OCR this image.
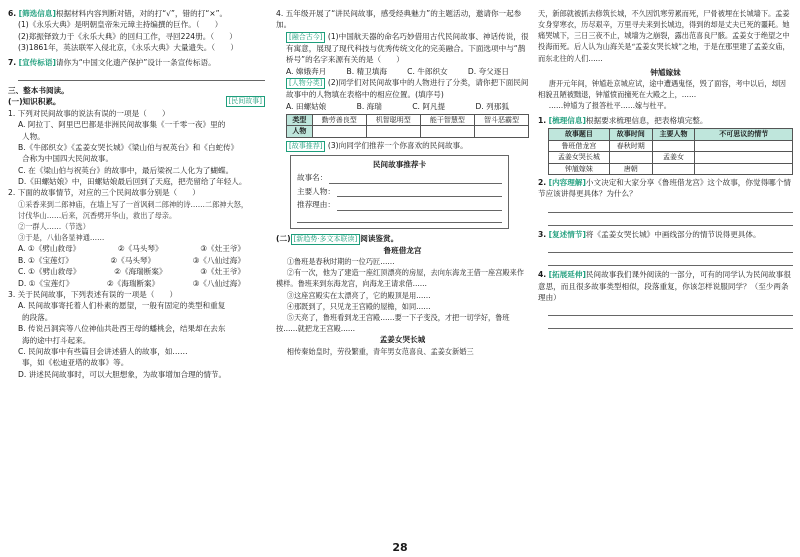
6. [筛选信息]根据材料内容判断对错，对的打“√”，错的打“×”。

(1)《永乐大典》是明朝皇帝朱元璋主持编撰的巨作。（　　）

(2)郑振铎致力于《永乐大典》的回归工作，寻回224册。（　　）

(3)1861年，英法联军入侵北京，《永乐大典》大量遗失。（　　）

7. [宣传标语]请你为“中国文化遗产保护”设计一条宣传标语。

三、整本书阅读。

(一)知识积累。	[民间故事]

1. 下列对民间故事的说法有误的一项是（　　）

A. 阿拉丁、阿里巴巴都是非洲民间故事集《一千零一夜》里的

人物。

B.《牛郎织女》《孟姜女哭长城》《梁山伯与祝英台》和《白蛇传》

合称为中国四大民间故事。

C. 在《梁山伯与祝英台》的故事中，最后梁祝二人化为了蝴蝶。

D.《田螺姑娘》中，田螺姑娘最后回到了天庭，把壳留给了年轻人。

2. 下面的故事情节，对应的三个民间故事分别是（　　）

①采香来到二郎神庙，在墙上写了一首讽刺二郎神的诗……二郎神大怒，

讨伐华山……后来，沉香劈开华山，救出了母亲。

②一群人……（节选）

③于是，八仙各显神通……

A. ①《劈山救母》	②《马头琴》	③《灶王爷》
B. ①《宝莲灯》	②《马头琴》	③《八仙过海》
C. ①《劈山救母》	②《海瑞断案》	③《灶王爷》
D. ①《宝莲灯》	②《海瑞断案》	③《八仙过海》

3. 关于民间故事，下列表述有误的一项是（　　）

A. 民间故事寄托着人们朴素的愿望，一般有固定的类型和重复

的段落。

B. 传说吕洞宾等八位神仙共赴西王母的蟠桃会，结果却在去东

海的途中打斗起来。

C. 民间故事中有些篇目会讲述猎人的故事，如……

事，如《松迪亚塔的故事》等。

D. 讲述民间故事时，可以大胆想象，为故事增加合理的情节。

4. 五年级开展了“讲民间故事，感受经典魅力”的主题活动，邀请你一起参加。

[融合古今] (1)中国航天器的命名巧妙借用古代民间故事、神话传说，很有寓意，展现了现代科技与优秀传统文化的完美融合。下面选项中与“鹊桥号”的名字来源有关的是（　　）

A. 嫦娥奔月	B. 精卫填海	C. 牛郎织女	D. 夸父逐日

[人物分类] (2)同学们对民间故事中的人物进行了分类，请你把下面民间故事中的人物填在表格中的相应位置。(填序号)

A. 田螺姑娘	B. 海瑞	C. 阿凡提	D. 列那狐
类型	勤劳善良型	机智聪明型	能干智慧型	智斗恶霸型
人物				

[故事推荐] (3)向同学们推荐一个你喜欢的民间故事。

民间故事推荐卡
故事名：
主要人物：
推荐理由：

(二) [新趋势·多文本联读] 阅读鉴赏。

鲁班借龙宫

①鲁班是春秋时期的一位巧匠……

②有一次，他为了建造一座红顶漂亮的房屋，去向东海龙王借一座宫殿来作模样。鲁班来到东海龙宫，向海龙王请求借……

③这座宫殿实在太漂亮了，它的殿顶是用……

④那既到了，只见龙王宫殿的屋檐，如同……

⑤天亮了，鲁班看到龙王宫殿……要一下子变没，才把一切学好，鲁班按……就把龙王宫殿……

孟姜女哭长城

相传秦始皇时，劳役繁重，青年男女范喜良、孟姜女新婚三

天，新郎就被抓去修筑长城，不久因饥寒劳累而死，尸骨被埋在长城墙下。孟姜女身穿寒衣，历尽艰辛，万里寻夫来到长城边，得到的却是丈夫已死的噩耗。她痛哭城下，三日三夜不止，城墙为之崩裂，露出范喜良尸骸。孟姜女于绝望之中投海而死。后人认为山海关是“孟姜女哭长城”之地，于是在那里建了孟姜女庙，而东北往的人们……

钟馗嫁妹

唐开元年间，钟馗赴京城应试，途中遭遇鬼怪，毁了面容，考中以后，却因相貌丑陋被黜退，钟馗愤而撞死在大殿之上，……

……钟馗为了报答杜平……嫁与杜平。

1. [梳理信息]根据要求梳理信息，把表格填完整。

故事题目	故事时间	主要人物	不可思议的情节
鲁班借龙宫	春秋时期		
孟姜女哭长城		孟姜女	
钟馗嫁妹	唐朝		

2. [内容理解]小文决定和大家分享《鲁班借龙宫》这个故事，你觉得哪个情节应该讲得更具体？为什么？

3. [复述情节]将《孟姜女哭长城》中画线部分的情节说得更具体。

4. [拓展延伸]民间故事我们课外阅读的一部分，可有的同学认为民间故事很意思，而且很多故事类型相似，段落重复，你该怎样说服同学？（至少两条理由）

28
